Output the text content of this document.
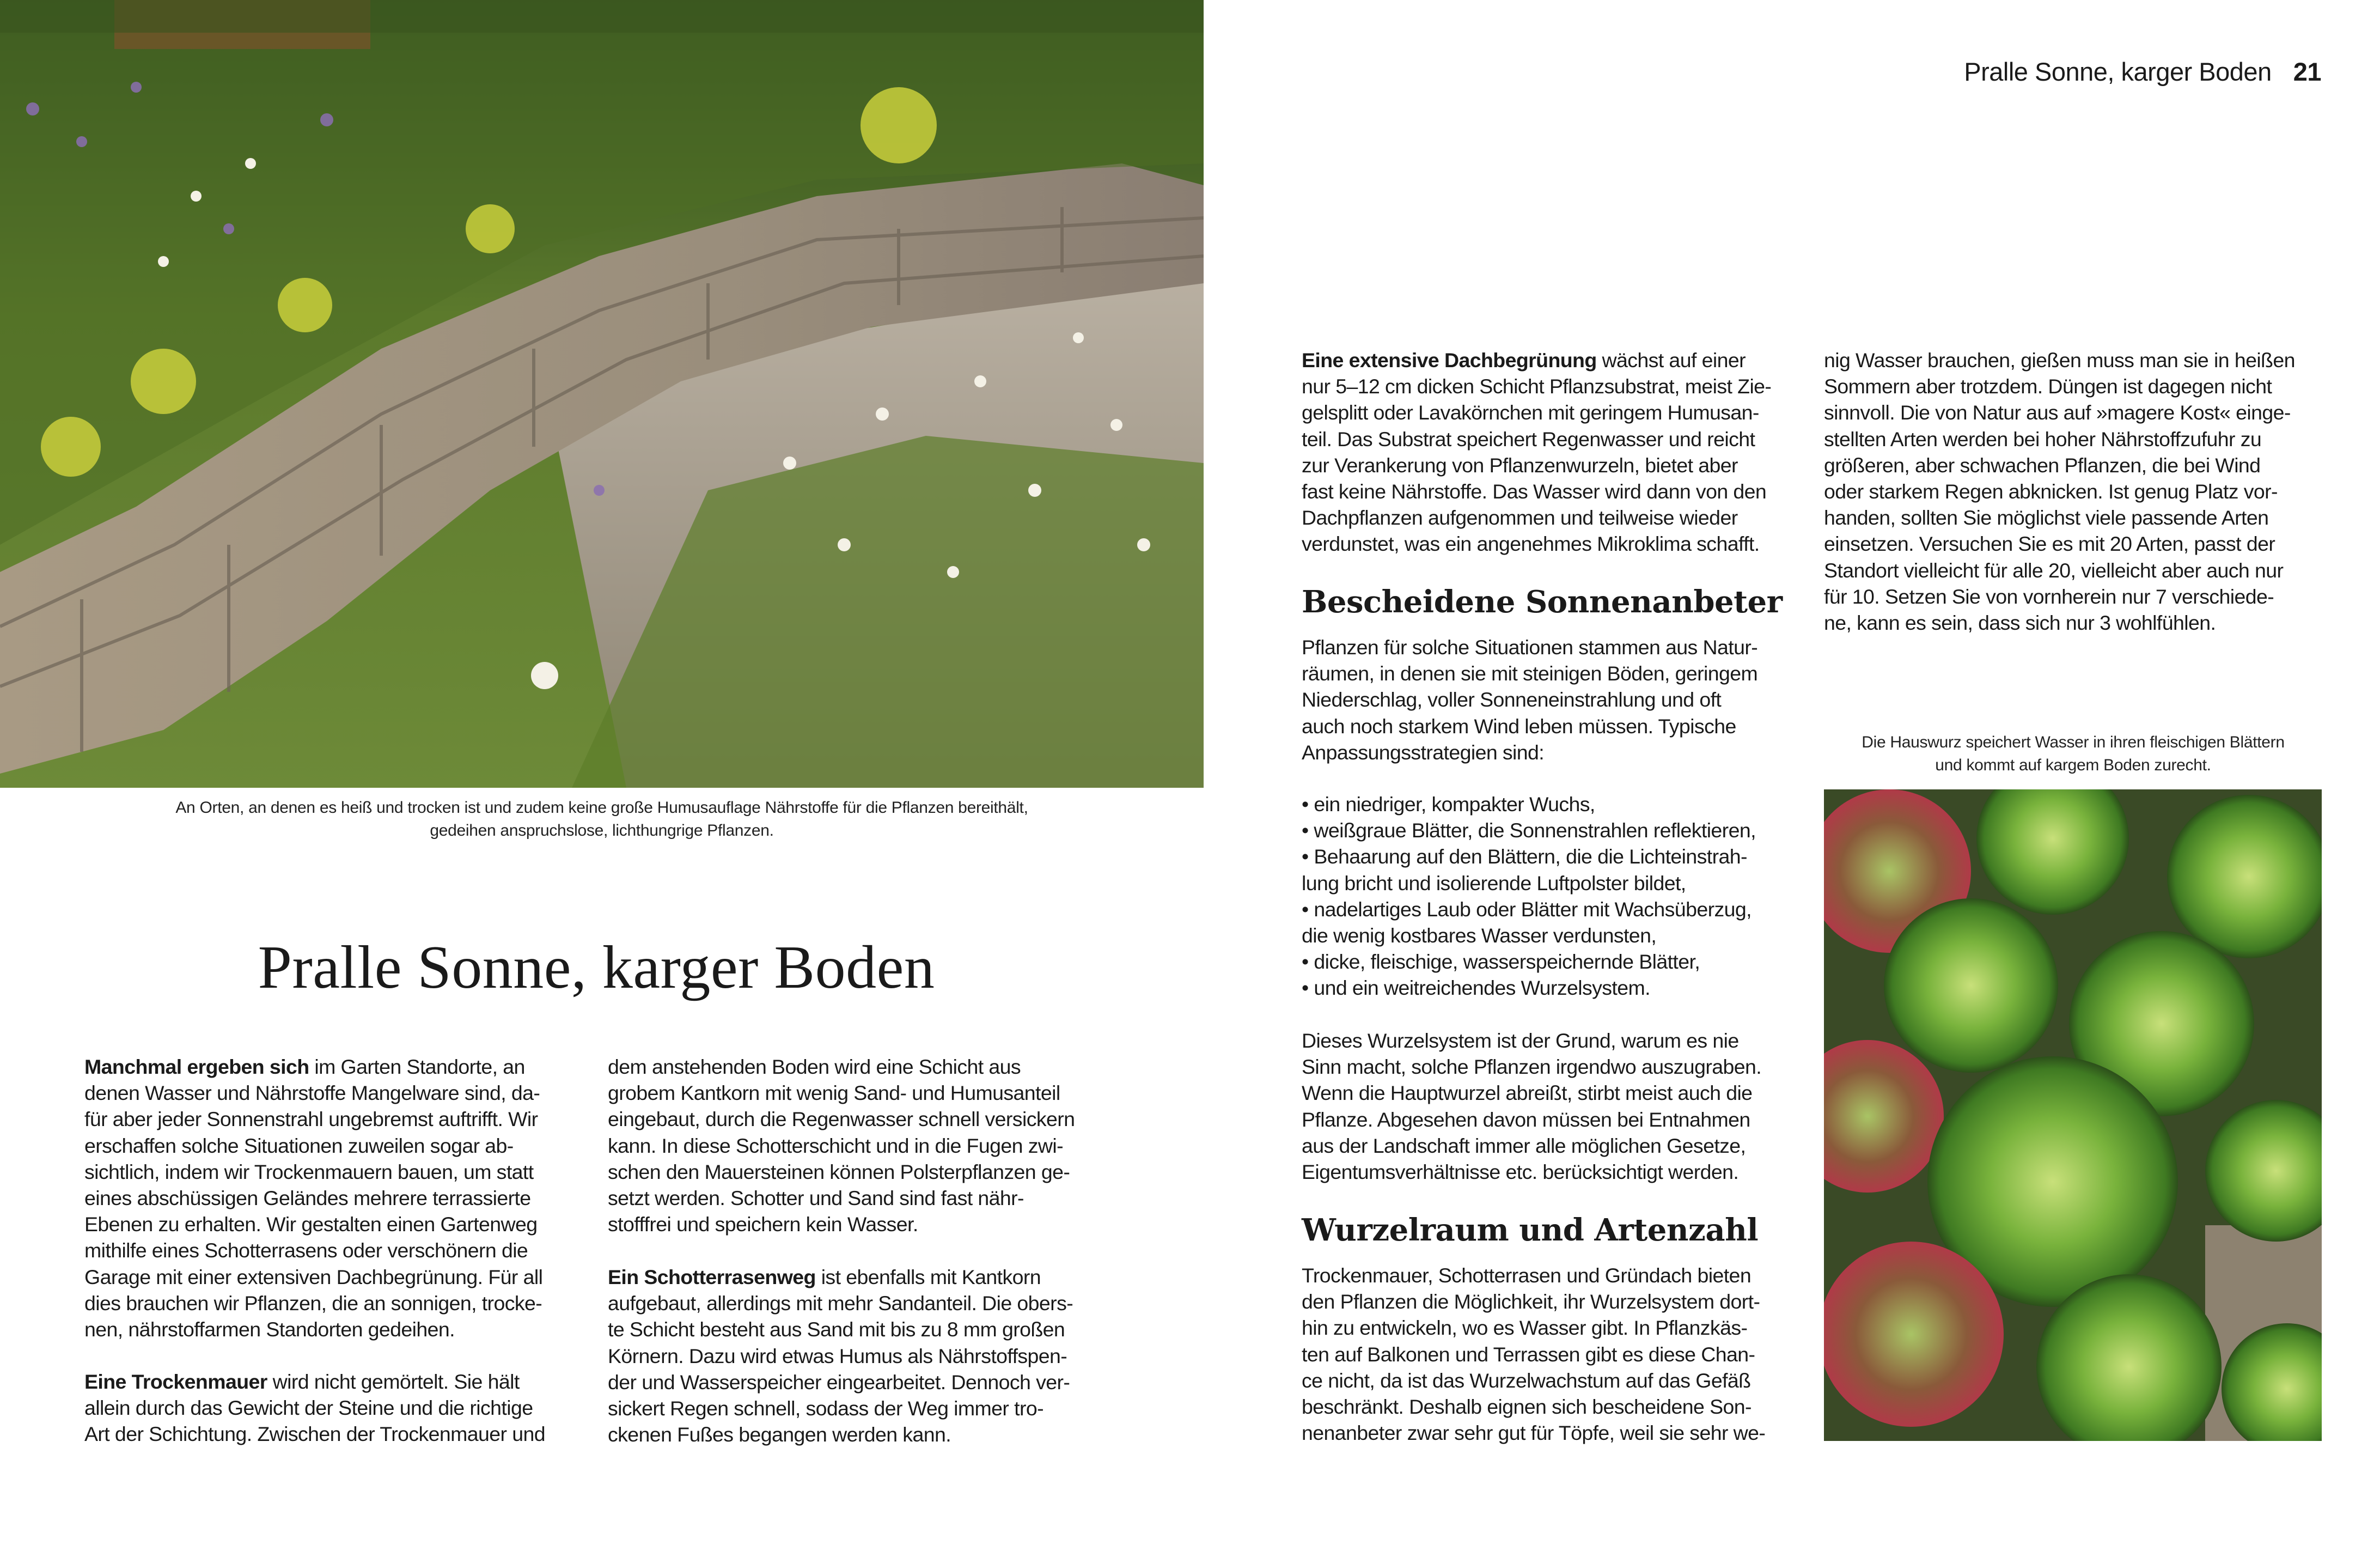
An Orten, an denen es heiß und trocken ist und zudem keine große Humusauflage Nährstoffe für die Pflanzen bereithält,
gedeihen anspruchslose, lichthungrige Pflanzen.
Pralle Sonne, karger Boden
Manchmal ergeben sich im Garten Standorte, an
denen Wasser und Nährstoffe Mangelware sind, da-
für aber jeder Sonnenstrahl ungebremst auftrifft. Wir
erschaffen solche Situationen zuweilen sogar ab-
sichtlich, indem wir Trockenmauern bauen, um statt
eines abschüssigen Geländes mehrere terrassierte
Ebenen zu erhalten. Wir gestalten einen Gartenweg
mithilfe eines Schotterrasens oder verschönern die
Garage mit einer extensiven Dachbegrünung. Für all
dies brauchen wir Pflanzen, die an sonnigen, trocke-
nen, nährstoffarmen Standorten gedeihen.
Eine Trockenmauer wird nicht gemörtelt. Sie hält
allein durch das Gewicht der Steine und die richtige
Art der Schichtung. Zwischen der Trockenmauer und
dem anstehenden Boden wird eine Schicht aus
grobem Kantkorn mit wenig Sand- und Humusanteil
eingebaut, durch die Regenwasser schnell versickern
kann. In diese Schotterschicht und in die Fugen zwi-
schen den Mauersteinen können Polsterpflanzen ge-
setzt werden. Schotter und Sand sind fast nähr-
stofffrei und speichern kein Wasser.
Ein Schotterrasenweg ist ebenfalls mit Kantkorn
aufgebaut, allerdings mit mehr Sandanteil. Die obers-
te Schicht besteht aus Sand mit bis zu 8 mm großen
Körnern. Dazu wird etwas Humus als Nährstoffspen-
der und Wasserspeicher eingearbeitet. Dennoch ver-
sickert Regen schnell, sodass der Weg immer tro-
ckenen Fußes begangen werden kann.
Pralle Sonne, karger Boden 21
Eine extensive Dachbegrünung wächst auf einer
nur 5–12 cm dicken Schicht Pflanzsubstrat, meist Zie-
gelsplitt oder Lavakörnchen mit geringem Humusan-
teil. Das Substrat speichert Regenwasser und reicht
zur Verankerung von Pflanzenwurzeln, bietet aber
fast keine Nährstoffe. Das Wasser wird dann von den
Dachpflanzen aufgenommen und teilweise wieder
verdunstet, was ein angenehmes Mikroklima schafft.
Bescheidene Sonnenanbeter
Pflanzen für solche Situationen stammen aus Natur-
räumen, in denen sie mit steinigen Böden, geringem
Niederschlag, voller Sonneneinstrahlung und oft
auch noch starkem Wind leben müssen. Typische
Anpassungsstrategien sind:
• ein niedriger, kompakter Wuchs,
• weißgraue Blätter, die Sonnenstrahlen reflektieren,
• Behaarung auf den Blättern, die die Lichteinstrah-
lung bricht und isolierende Luftpolster bildet,
• nadelartiges Laub oder Blätter mit Wachsüberzug,
die wenig kostbares Wasser verdunsten,
• dicke, fleischige, wasserspeichernde Blätter,
• und ein weitreichendes Wurzelsystem.
Dieses Wurzelsystem ist der Grund, warum es nie
Sinn macht, solche Pflanzen irgendwo auszugraben.
Wenn die Hauptwurzel abreißt, stirbt meist auch die
Pflanze. Abgesehen davon müssen bei Entnahmen
aus der Landschaft immer alle möglichen Gesetze,
Eigentumsverhältnisse etc. berücksichtigt werden.
Wurzelraum und Artenzahl
Trockenmauer, Schotterrasen und Gründach bieten
den Pflanzen die Möglichkeit, ihr Wurzelsystem dort-
hin zu entwickeln, wo es Wasser gibt. In Pflanzkäs-
ten auf Balkonen und Terrassen gibt es diese Chan-
ce nicht, da ist das Wurzelwachstum auf das Gefäß
beschränkt. Deshalb eignen sich bescheidene Son-
nenanbeter zwar sehr gut für Töpfe, weil sie sehr we-
nig Wasser brauchen, gießen muss man sie in heißen
Sommern aber trotzdem. Düngen ist dagegen nicht
sinnvoll. Die von Natur aus auf »magere Kost« einge-
stellten Arten werden bei hoher Nährstoffzufuhr zu
größeren, aber schwachen Pflanzen, die bei Wind
oder starkem Regen abknicken. Ist genug Platz vor-
handen, sollten Sie möglichst viele passende Arten
einsetzen. Versuchen Sie es mit 20 Arten, passt der
Standort vielleicht für alle 20, vielleicht aber auch nur
für 10. Setzen Sie von vornherein nur 7 verschiede-
ne, kann es sein, dass sich nur 3 wohlfühlen.
Die Hauswurz speichert Wasser in ihren fleischigen Blättern
und kommt auf kargem Boden zurecht.
